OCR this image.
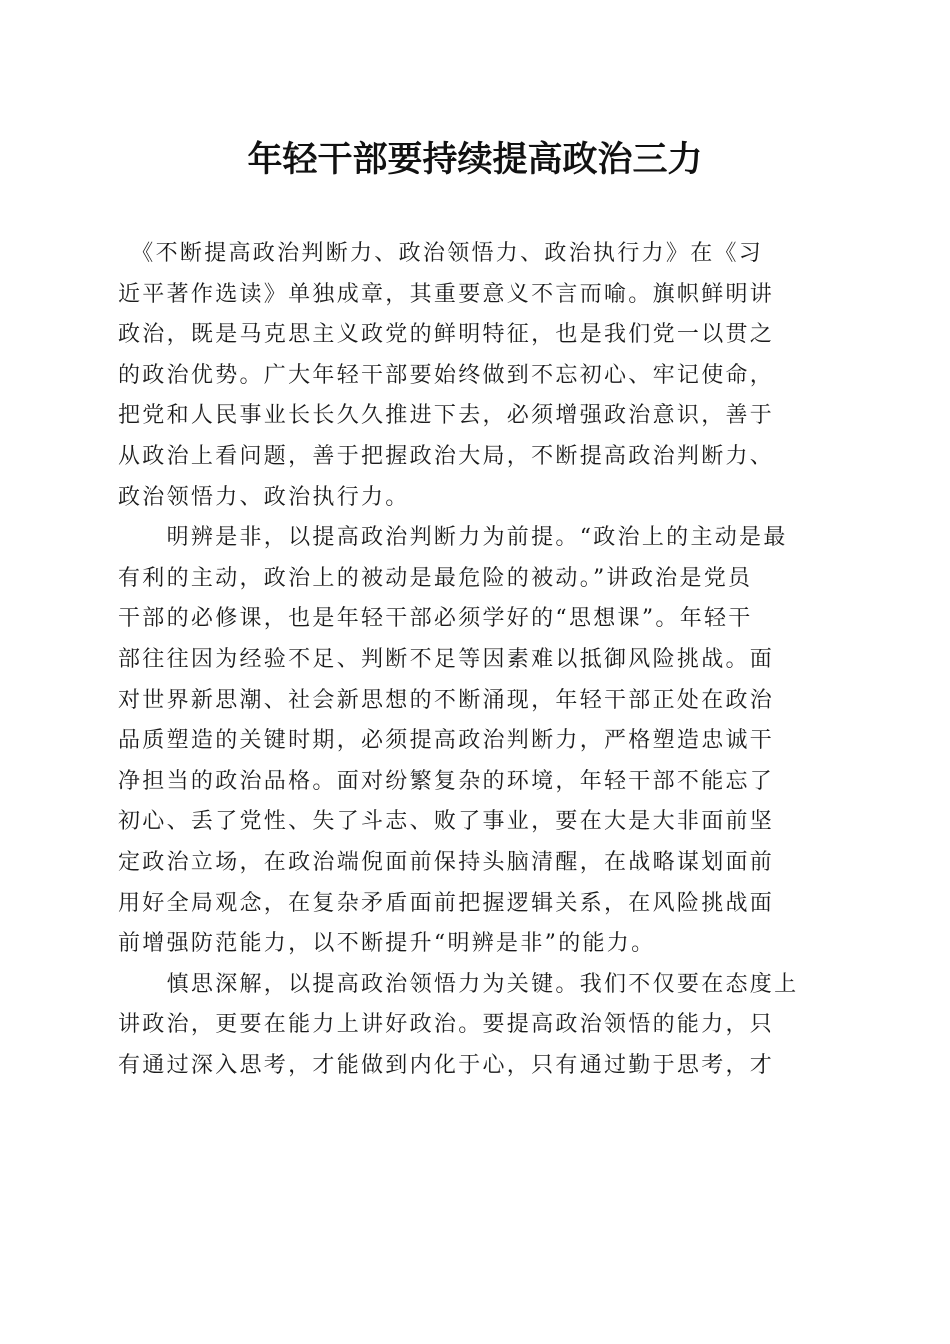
年轻干部要持续提高政治三力
　《不断提高政治判断力、政治领悟力、政治执行力》在《习
近平著作选读》单独成章，其重要意义不言而喻。旗帜鲜明讲
政治，既是马克思主义政党的鲜明特征，也是我们党一以贯之
的政治优势。广大年轻干部要始终做到不忘初心、牢记使命，
把党和人民事业长长久久推进下去，必须增强政治意识，善于
从政治上看问题，善于把握政治大局，不断提高政治判断力、
政治领悟力、政治执行力。
　　明辨是非，以提高政治判断力为前提。“政治上的主动是最
有利的主动，政治上的被动是最危险的被动。”讲政治是党员
干部的必修课，也是年轻干部必须学好的“思想课”。年轻干
部往往因为经验不足、判断不足等因素难以抵御风险挑战。面
对世界新思潮、社会新思想的不断涌现，年轻干部正处在政治
品质塑造的关键时期，必须提高政治判断力，严格塑造忠诚干
净担当的政治品格。面对纷繁复杂的环境，年轻干部不能忘了
初心、丢了党性、失了斗志、败了事业，要在大是大非面前坚
定政治立场，在政治端倪面前保持头脑清醒，在战略谋划面前
用好全局观念，在复杂矛盾面前把握逻辑关系，在风险挑战面
前增强防范能力，以不断提升“明辨是非”的能力。
　　慎思深解，以提高政治领悟力为关键。我们不仅要在态度上
讲政治，更要在能力上讲好政治。要提高政治领悟的能力，只
有通过深入思考，才能做到内化于心，只有通过勤于思考，才
